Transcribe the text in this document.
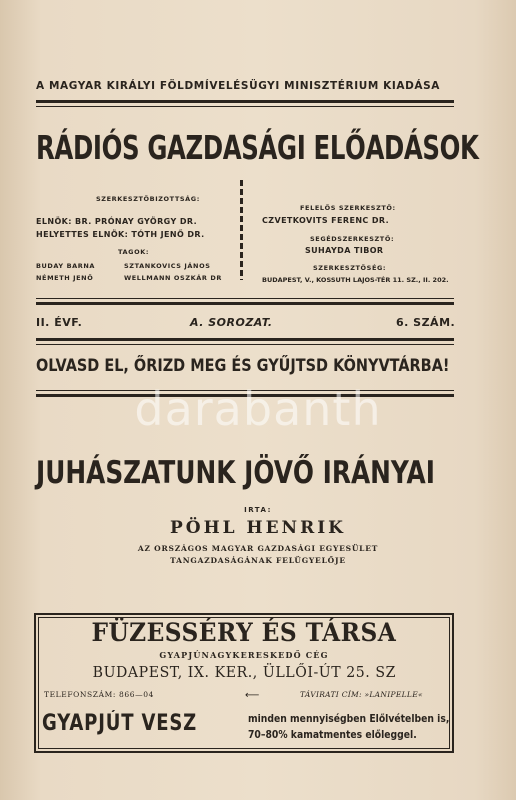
A MAGYAR KIRÁLYI FÖLDMÍVELÉSÜGYI MINISZTÉRIUM KIADÁSA
RÁDIÓS GAZDASÁGI ELŐADÁSOK
SZERKESZTŐBIZOTTSÁG:
ELNÖK: BR. PRÓNAY GYÖRGY DR.
HELYETTES ELNÖK: TÓTH JENŐ DR.
TAGOK:
BUDAY BARNA	SZTANKOVICS JÁNOS
NÉMETH JENŐ	WELLMANN OSZKÁR DR
FELELŐS SZERKESZTŐ:
CZVETKOVITS FERENC DR.
SEGÉDSZERKESZTŐ:
SUHAYDA TIBOR
SZERKESZTŐSÉG:
BUDAPEST, V., KOSSUTH LAJOS-TÉR 11. SZ., II. 202.
II. ÉVF.	A. SOROZAT.	6. SZÁM.
OLVASD EL, ŐRIZD MEG ÉS GYŰJTSD KÖNYVTÁRBA!
darabanth
JUHÁSZATUNK JÖVŐ IRÁNYAI
IRTA:
PÖHL HENRIK
AZ ORSZÁGOS MAGYAR GAZDASÁGI EGYESÜLET
TANGAZDASÁGÁNAK FELÜGYELŐJE
FÜZESSÉRY ÉS TÁRSA
GYAPJÚNAGYKERESKEDŐ CÉG
BUDAPEST, IX. KER., ÜLLŐI-ÚT 25. SZ
TELEFONSZÁM: 866—04	⟵	TÁVIRATI CÍM: »LANIPELLE«
GYAPJÚT VESZ	minden mennyiségben Előlvételben is,
70–80% kamatmentes előleggel.
